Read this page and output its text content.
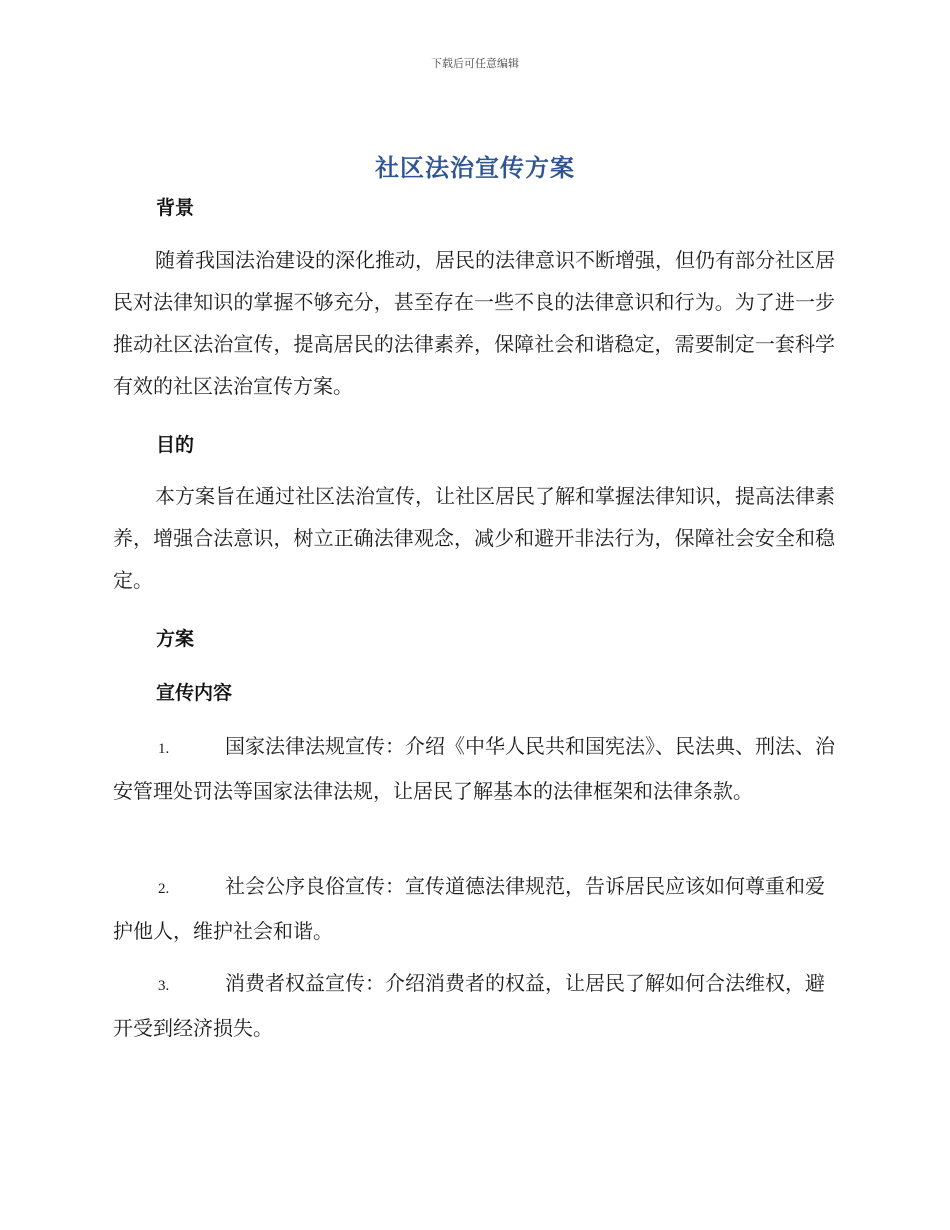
下载后可任意编辑
社区法治宣传方案
背景
随着我国法治建设的深化推动，居民的法律意识不断增强，但仍有部分社区居民对法律知识的掌握不够充分，甚至存在一些不良的法律意识和行为。为了进一步推动社区法治宣传，提高居民的法律素养，保障社会和谐稳定，需要制定一套科学有效的社区法治宣传方案。
目的
本方案旨在通过社区法治宣传，让社区居民了解和掌握法律知识，提高法律素养，增强合法意识，树立正确法律观念，减少和避开非法行为，保障社会安全和稳定。
方案
宣传内容
1.	国家法律法规宣传：介绍《中华人民共和国宪法》、民法典、刑法、治安管理处罚法等国家法律法规，让居民了解基本的法律框架和法律条款。
2.	社会公序良俗宣传：宣传道德法律规范，告诉居民应该如何尊重和爱护他人，维护社会和谐。
3.	消费者权益宣传：介绍消费者的权益，让居民了解如何合法维权，避开受到经济损失。
